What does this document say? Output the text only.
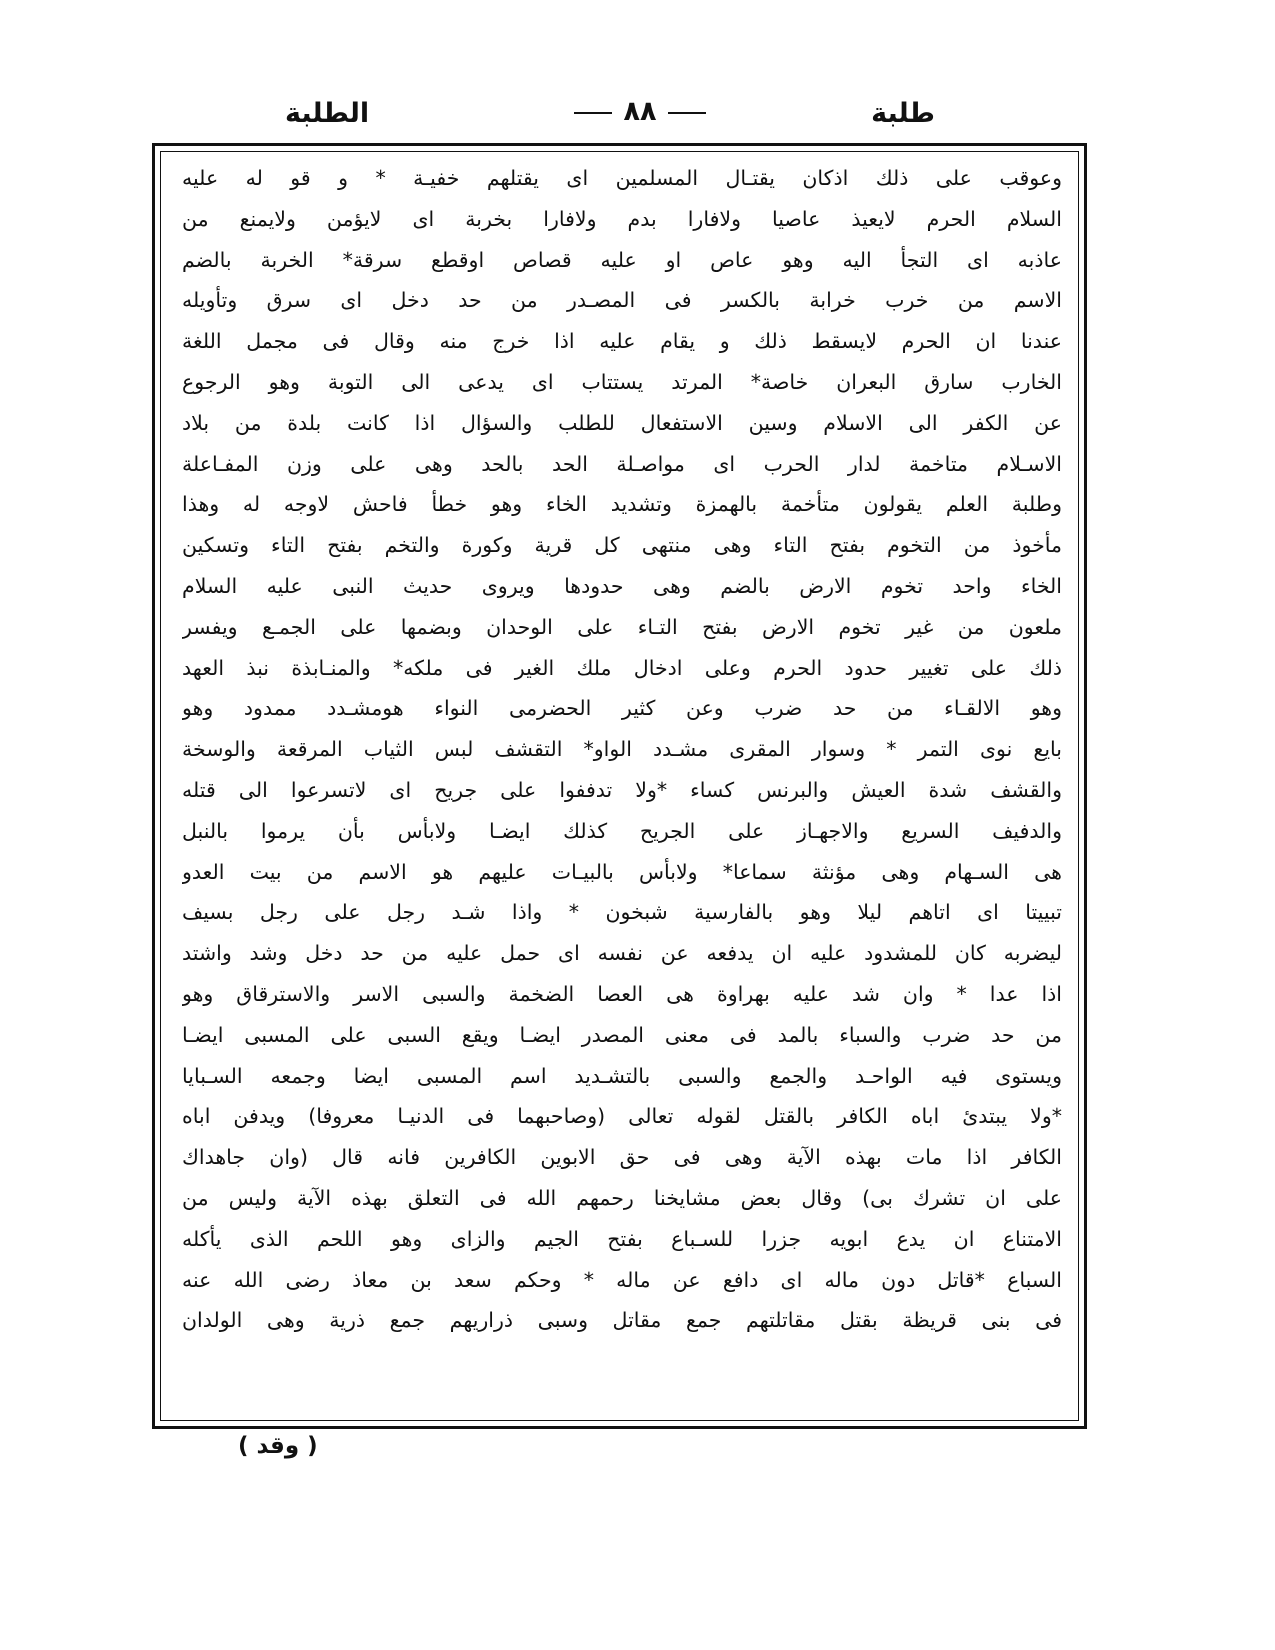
طلبة
٨٨
الطلبة
وعوقب على ذلك اذكان يقتـال المسلمين اى يقتلهم خفيـة * و قو له عليه
السلام الحرم لايعيذ عاصيا ولافارا بدم ولافارا بخربة اى لايؤمن ولايمنع من
عاذبه اى التجأ اليه وهو عاص او عليه قصاص اوقطع سرقة* الخربة بالضم
الاسم من خرب خرابة بالكسر فى المصـدر من حد دخل اى سرق وتأويله
عندنا ان الحرم لايسقط ذلك و يقام عليه اذا خرج منه وقال فى مجمل اللغة
الخارب سارق البعران خاصة* المرتد يستتاب اى يدعى الى التوبة وهو الرجوع
عن الكفر الى الاسلام وسين الاستفعال للطلب والسؤال اذا كانت بلدة من بلاد
الاسـلام متاخمة لدار الحرب اى مواصـلة الحد بالحد وهى على وزن المفـاعلة
وطلبة العلم يقولون متأخمة بالهمزة وتشديد الخاء وهو خطأ فاحش لاوجه له وهذا
مأخوذ من التخوم بفتح التاء وهى منتهى كل قرية وكورة والتخم بفتح التاء وتسكين
الخاء واحد تخوم الارض بالضم وهى حدودها ويروى حديث النبى عليه السلام
ملعون من غير تخوم الارض بفتح التـاء على الوحدان وبضمها على الجمـع ويفسر
ذلك على تغيير حدود الحرم وعلى ادخال ملك الغير فى ملكه* والمنـابذة نبذ العهد
وهو الالقـاء من حد ضرب وعن كثير الحضرمى النواء هومشـدد ممدود وهو
بايع نوى التمر * وسوار المقرى مشـدد الواو* التقشف لبس الثياب المرقعة والوسخة
والقشف شدة العيش والبرنس كساء *ولا تدففوا على جريح اى لاتسرعوا الى قتله
والدفيف السريع والاجهـاز على الجريح كذلك ايضـا ولابأس بأن يرموا بالنبل
هى السـهام وهى مؤنثة سماعا* ولابأس بالبيـات عليهم هو الاسم من بيت العدو
تبييتا اى اتاهم ليلا وهو بالفارسية شبخون * واذا شـد رجل على رجل بسيف
ليضربه كان للمشدود عليه ان يدفعه عن نفسه اى حمل عليه من حد دخل وشد واشتد
اذا عدا * وان شد عليه بهراوة هى العصا الضخمة والسبى الاسر والاسترقاق وهو
من حد ضرب والسباء بالمد فى معنى المصدر ايضـا ويقع السبى على المسبى ايضـا
ويستوى فيه الواحـد والجمع والسبى بالتشـديد اسم المسبى ايضا وجمعه السـبايا
*ولا يبتدئ اباه الكافر بالقتل لقوله تعالى (وصاحبهما فى الدنيـا معروفا) ويدفن اباه
الكافر اذا مات بهذه الآية وهى فى حق الابوين الكافرين فانه قال (وان جاهداك
على ان تشرك بى) وقال بعض مشايخنا رحمهم الله فى التعلق بهذه الآية وليس من
الامتناع ان يدع ابويه جزرا للسـباع بفتح الجيم والزاى وهو اللحم الذى يأكله
السباع *قاتل دون ماله اى دافع عن ماله * وحكم سعد بن معاذ رضى الله عنه
فى بنى قريظة بقتل مقاتلتهم جمع مقاتل وسبى ذراريهم جمع ذرية وهى الولدان
( وقد )
